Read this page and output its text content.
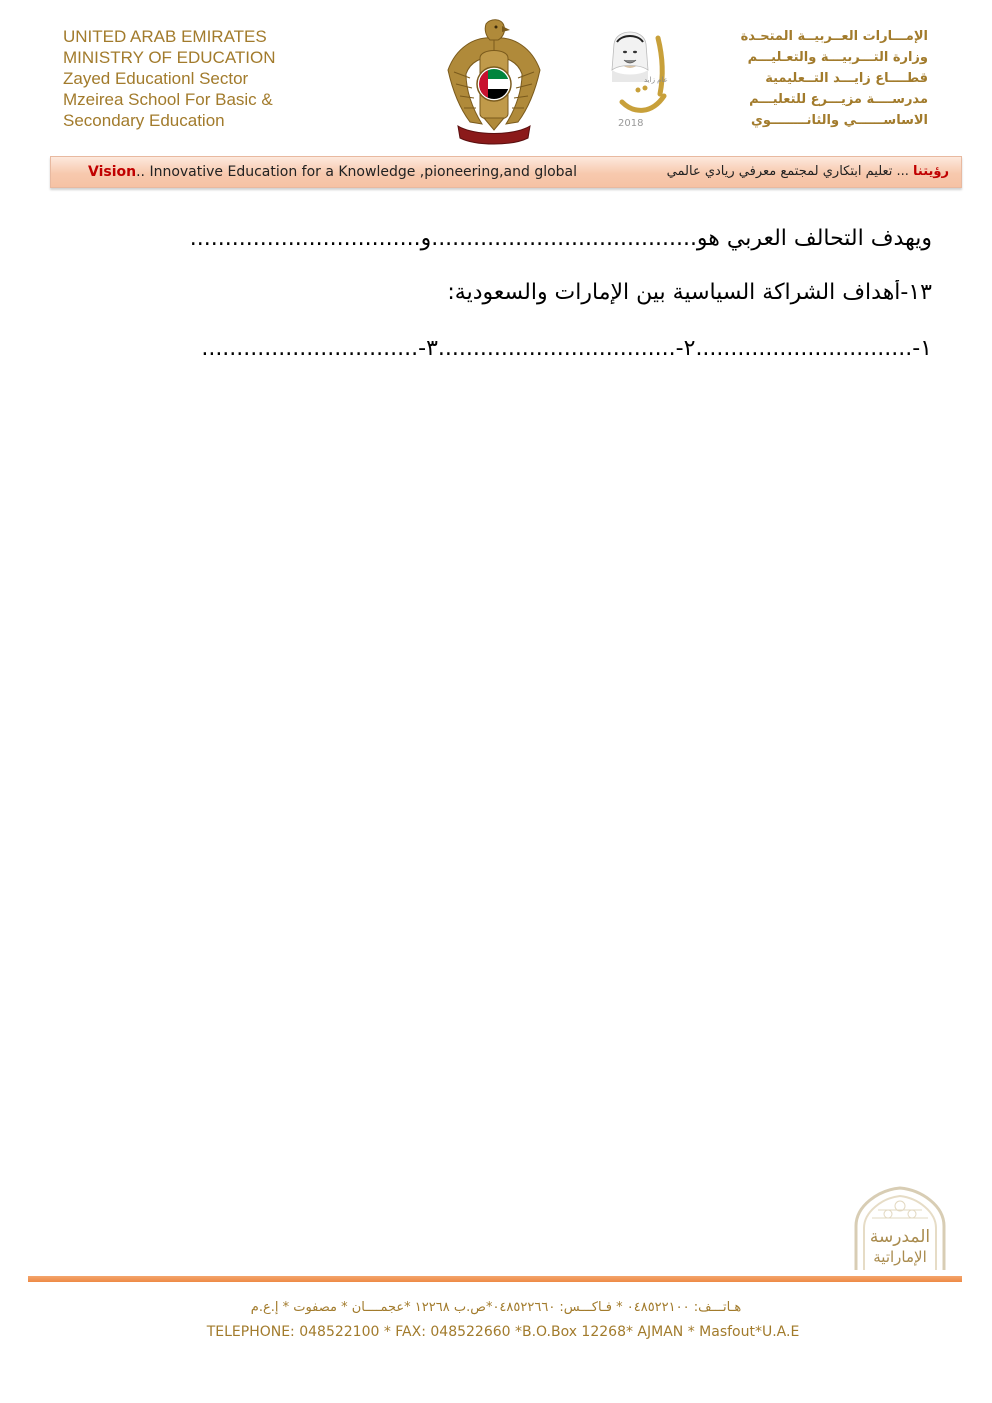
UNITED ARAB EMIRATES
MINISTRY OF EDUCATION
Zayed Educationl Sector
Mzeirea School For Basic &
Secondary Education
عام زايد
2018
الإمـــارات العــربيــة المتحـدة
وزارة التـــربيـــة والتعـليـــم
قطــــاع زايـــد التــعليمية
مدرســــة مزيـــرع للتعليـــم
الاساســــــي والثانــــــــوي
Vision.. Innovative Education for a Knowledge ,pioneering,and global	رؤيتنا ... تعليم ابتكاري لمجتمع معرفي ريادي عالمي
ويهدف التحالف العربي هو......................................و.................................
١٣-أهداف الشراكة السياسية بين الإمارات والسعودية:
١-...............................٢-..................................٣-...............................
المدرسة
الإماراتية
هـاتـــف: ٠٤٨٥٢٢١٠٠ * فـاكـــس: ٠٤٨٥٢٢٦٦٠*ص.ب ١٢٢٦٨ *عجمــــان * مصفوت * إ.ع.م
TELEPHONE: 048522100 * FAX: 048522660 *B.O.Box 12268* AJMAN * Masfout*U.A.E
